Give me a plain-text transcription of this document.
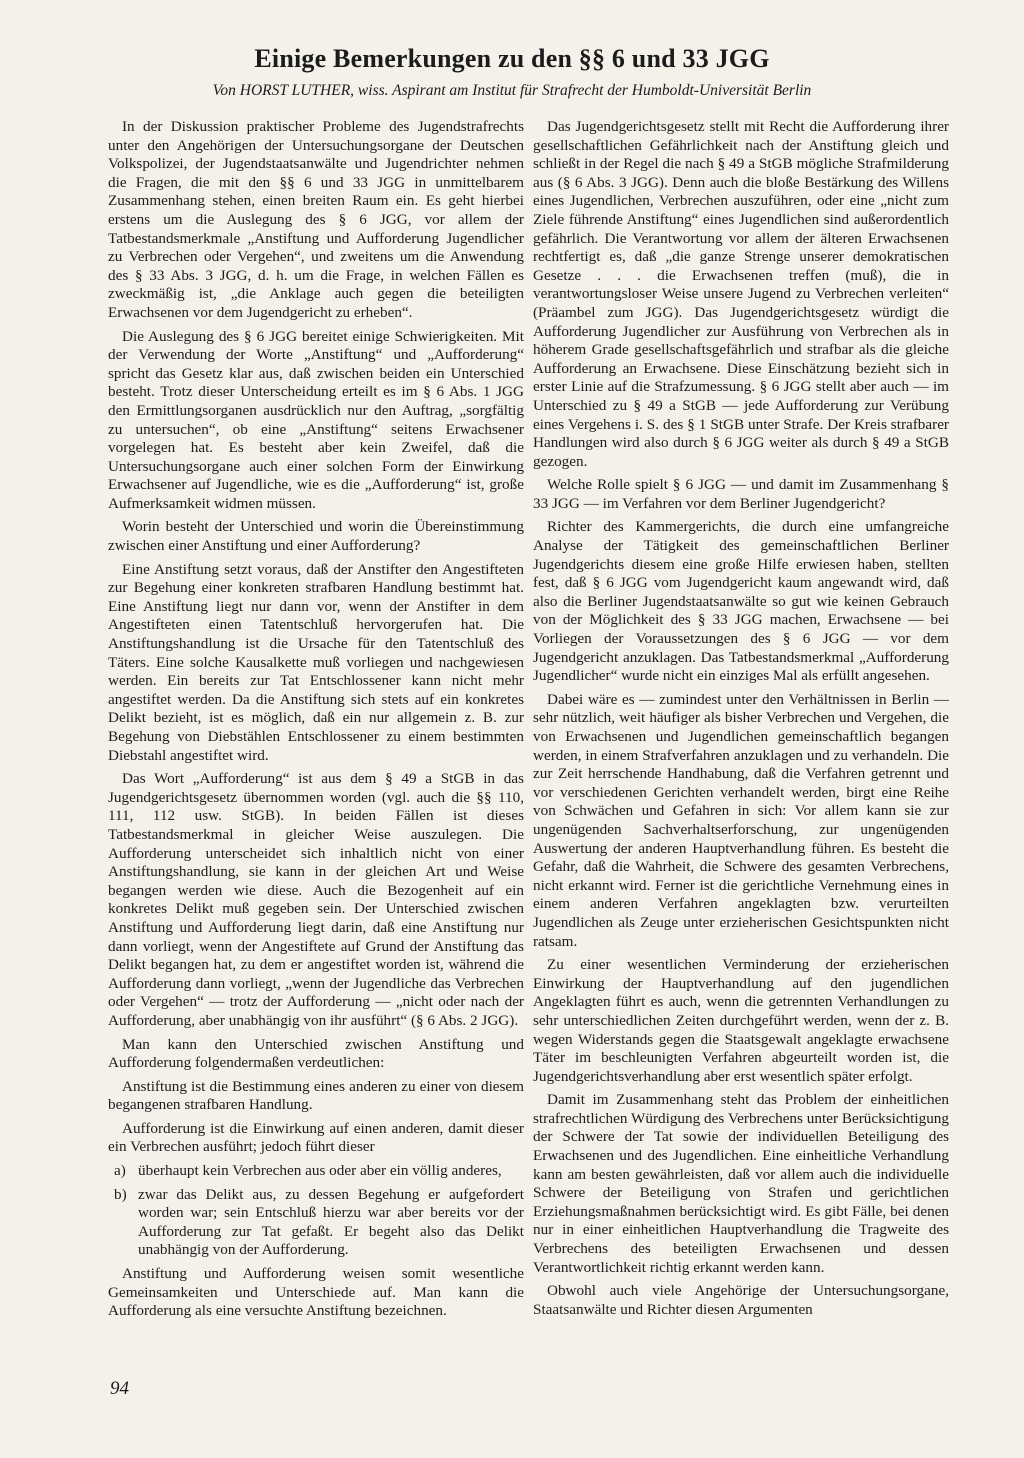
Einige Bemerkungen zu den §§ 6 und 33 JGG

Von HORST LUTHER, wiss. Aspirant am Institut für Strafrecht der Humboldt-Universität Berlin

In der Diskussion praktischer Probleme des Jugendstrafrechts unter den Angehörigen der Untersuchungsorgane der Deutschen Volkspolizei, der Jugendstaatsanwälte und Jugendrichter nehmen die Fragen, die mit den §§ 6 und 33 JGG in unmittelbarem Zusammenhang stehen, einen breiten Raum ein. Es geht hierbei erstens um die Auslegung des § 6 JGG, vor allem der Tatbestandsmerkmale „Anstiftung und Aufforderung Jugendlicher zu Verbrechen oder Vergehen“, und zweitens um die Anwendung des § 33 Abs. 3 JGG, d. h. um die Frage, in welchen Fällen es zweckmäßig ist, „die Anklage auch gegen die beteiligten Erwachsenen vor dem Jugendgericht zu erheben“.

Die Auslegung des § 6 JGG bereitet einige Schwierigkeiten. Mit der Verwendung der Worte „Anstiftung“ und „Aufforderung“ spricht das Gesetz klar aus, daß zwischen beiden ein Unterschied besteht. Trotz dieser Unterscheidung erteilt es im § 6 Abs. 1 JGG den Ermittlungsorganen ausdrücklich nur den Auftrag, „sorgfältig zu untersuchen“, ob eine „Anstiftung“ seitens Erwachsener vorgelegen hat. Es besteht aber kein Zweifel, daß die Untersuchungsorgane auch einer solchen Form der Einwirkung Erwachsener auf Jugendliche, wie es die „Aufforderung“ ist, große Aufmerksamkeit widmen müssen.

Worin besteht der Unterschied und worin die Übereinstimmung zwischen einer Anstiftung und einer Aufforderung?

Eine Anstiftung setzt voraus, daß der Anstifter den Angestifteten zur Begehung einer konkreten strafbaren Handlung bestimmt hat. Eine Anstiftung liegt nur dann vor, wenn der Anstifter in dem Angestifteten einen Tatentschluß hervorgerufen hat. Die Anstiftungshandlung ist die Ursache für den Tatentschluß des Täters. Eine solche Kausalkette muß vorliegen und nachgewiesen werden. Ein bereits zur Tat Entschlossener kann nicht mehr angestiftet werden. Da die Anstiftung sich stets auf ein konkretes Delikt bezieht, ist es möglich, daß ein nur allgemein z. B. zur Begehung von Diebstählen Entschlossener zu einem bestimmten Diebstahl angestiftet wird.

Das Wort „Aufforderung“ ist aus dem § 49 a StGB in das Jugendgerichtsgesetz übernommen worden (vgl. auch die §§ 110, 111, 112 usw. StGB). In beiden Fällen ist dieses Tatbestandsmerkmal in gleicher Weise auszulegen. Die Aufforderung unterscheidet sich inhaltlich nicht von einer Anstiftungshandlung, sie kann in der gleichen Art und Weise begangen werden wie diese. Auch die Bezogenheit auf ein konkretes Delikt muß gegeben sein. Der Unterschied zwischen Anstiftung und Aufforderung liegt darin, daß eine Anstiftung nur dann vorliegt, wenn der Angestiftete auf Grund der Anstiftung das Delikt begangen hat, zu dem er angestiftet worden ist, während die Aufforderung dann vorliegt, „wenn der Jugendliche das Verbrechen oder Vergehen“ — trotz der Aufforderung — „nicht oder nach der Aufforderung, aber unabhängig von ihr ausführt“ (§ 6 Abs. 2 JGG).

Man kann den Unterschied zwischen Anstiftung und Aufforderung folgendermaßen verdeutlichen:

Anstiftung ist die Bestimmung eines anderen zu einer von diesem begangenen strafbaren Handlung.

Aufforderung ist die Einwirkung auf einen anderen, damit dieser ein Verbrechen ausführt; jedoch führt dieser

a) überhaupt kein Verbrechen aus oder aber ein völlig anderes,

b) zwar das Delikt aus, zu dessen Begehung er aufgefordert worden war; sein Entschluß hierzu war aber bereits vor der Aufforderung zur Tat gefaßt. Er begeht also das Delikt unabhängig von der Aufforderung.

Anstiftung und Aufforderung weisen somit wesentliche Gemeinsamkeiten und Unterschiede auf. Man kann die Aufforderung als eine versuchte Anstiftung bezeichnen.

Das Jugendgerichtsgesetz stellt mit Recht die Aufforderung ihrer gesellschaftlichen Gefährlichkeit nach der Anstiftung gleich und schließt in der Regel die nach § 49 a StGB mögliche Strafmilderung aus (§ 6 Abs. 3 JGG). Denn auch die bloße Bestärkung des Willens eines Jugendlichen, Verbrechen auszuführen, oder eine „nicht zum Ziele führende Anstiftung“ eines Jugendlichen sind außerordentlich gefährlich. Die Verantwortung vor allem der älteren Erwachsenen rechtfertigt es, daß „die ganze Strenge unserer demokratischen Gesetze . . . die Erwachsenen treffen (muß), die in verantwortungsloser Weise unsere Jugend zu Verbrechen verleiten“ (Präambel zum JGG). Das Jugendgerichtsgesetz würdigt die Aufforderung Jugendlicher zur Ausführung von Verbrechen als in höherem Grade gesellschaftsgefährlich und strafbar als die gleiche Aufforderung an Erwachsene. Diese Einschätzung bezieht sich in erster Linie auf die Strafzumessung. § 6 JGG stellt aber auch — im Unterschied zu § 49 a StGB — jede Aufforderung zur Verübung eines Vergehens i. S. des § 1 StGB unter Strafe. Der Kreis strafbarer Handlungen wird also durch § 6 JGG weiter als durch § 49 a StGB gezogen.

Welche Rolle spielt § 6 JGG — und damit im Zusammenhang § 33 JGG — im Verfahren vor dem Berliner Jugendgericht?

Richter des Kammergerichts, die durch eine umfangreiche Analyse der Tätigkeit des gemeinschaftlichen Berliner Jugendgerichts diesem eine große Hilfe erwiesen haben, stellten fest, daß § 6 JGG vom Jugendgericht kaum angewandt wird, daß also die Berliner Jugendstaatsanwälte so gut wie keinen Gebrauch von der Möglichkeit des § 33 JGG machen, Erwachsene — bei Vorliegen der Voraussetzungen des § 6 JGG — vor dem Jugendgericht anzuklagen. Das Tatbestandsmerkmal „Aufforderung Jugendlicher“ wurde nicht ein einziges Mal als erfüllt angesehen.

Dabei wäre es — zumindest unter den Verhältnissen in Berlin — sehr nützlich, weit häufiger als bisher Verbrechen und Vergehen, die von Erwachsenen und Jugendlichen gemeinschaftlich begangen werden, in einem Strafverfahren anzuklagen und zu verhandeln. Die zur Zeit herrschende Handhabung, daß die Verfahren getrennt und vor verschiedenen Gerichten verhandelt werden, birgt eine Reihe von Schwächen und Gefahren in sich: Vor allem kann sie zur ungenügenden Sachverhaltserforschung, zur ungenügenden Auswertung der anderen Hauptverhandlung führen. Es besteht die Gefahr, daß die Wahrheit, die Schwere des gesamten Verbrechens, nicht erkannt wird. Ferner ist die gerichtliche Vernehmung eines in einem anderen Verfahren angeklagten bzw. verurteilten Jugendlichen als Zeuge unter erzieherischen Gesichtspunkten nicht ratsam.

Zu einer wesentlichen Verminderung der erzieherischen Einwirkung der Hauptverhandlung auf den jugendlichen Angeklagten führt es auch, wenn die getrennten Verhandlungen zu sehr unterschiedlichen Zeiten durchgeführt werden, wenn der z. B. wegen Widerstands gegen die Staatsgewalt angeklagte erwachsene Täter im beschleunigten Verfahren abgeurteilt worden ist, die Jugendgerichtsverhandlung aber erst wesentlich später erfolgt.

Damit im Zusammenhang steht das Problem der einheitlichen strafrechtlichen Würdigung des Verbrechens unter Berücksichtigung der Schwere der Tat sowie der individuellen Beteiligung des Erwachsenen und des Jugendlichen. Eine einheitliche Verhandlung kann am besten gewährleisten, daß vor allem auch die individuelle Schwere der Beteiligung von Strafen und gerichtlichen Erziehungsmaßnahmen berücksichtigt wird. Es gibt Fälle, bei denen nur in einer einheitlichen Hauptverhandlung die Tragweite des Verbrechens des beteiligten Erwachsenen und dessen Verantwortlichkeit richtig erkannt werden kann.

Obwohl auch viele Angehörige der Untersuchungsorgane, Staatsanwälte und Richter diesen Argumenten

94
